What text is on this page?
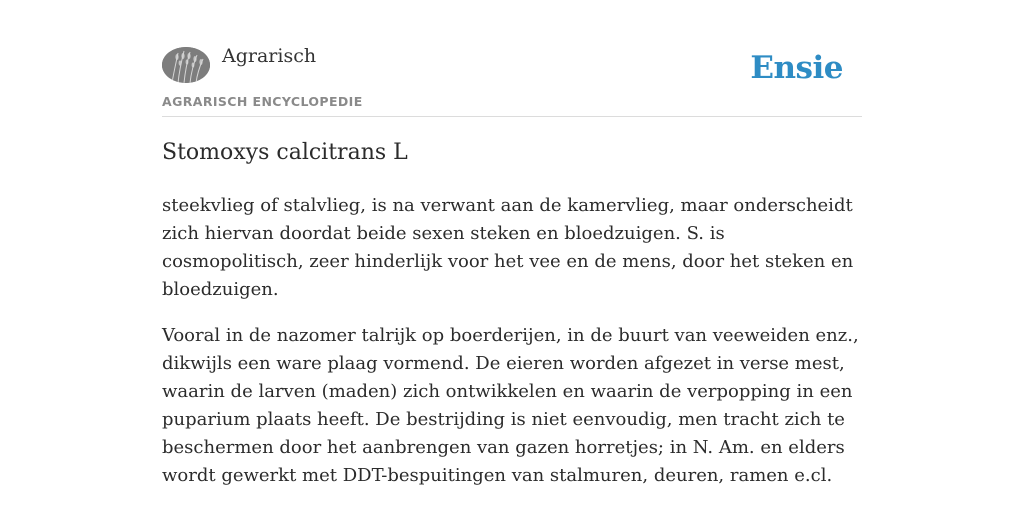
Agrarisch
AGRARISCH ENCYCLOPEDIE
Ensie
Stomoxys calcitrans L

steekvlieg of stalvlieg, is na verwant aan de kamervlieg, maar onderscheidt zich hiervan doordat beide sexen steken en bloedzuigen. S. is cosmopolitisch, zeer hinderlijk voor het vee en de mens, door het steken en bloedzuigen.

Vooral in de nazomer talrijk op boerderijen, in de buurt van veeweiden enz., dikwijls een ware plaag vormend. De eieren worden afgezet in verse mest, waarin de larven (maden) zich ontwikkelen en waarin de verpopping in een puparium plaats heeft. De bestrijding is niet eenvoudig, men tracht zich te beschermen door het aanbrengen van gazen horretjes; in N. Am. en elders wordt gewerkt met DDT-bespuitingen van stalmuren, deuren, ramen e.cl.
